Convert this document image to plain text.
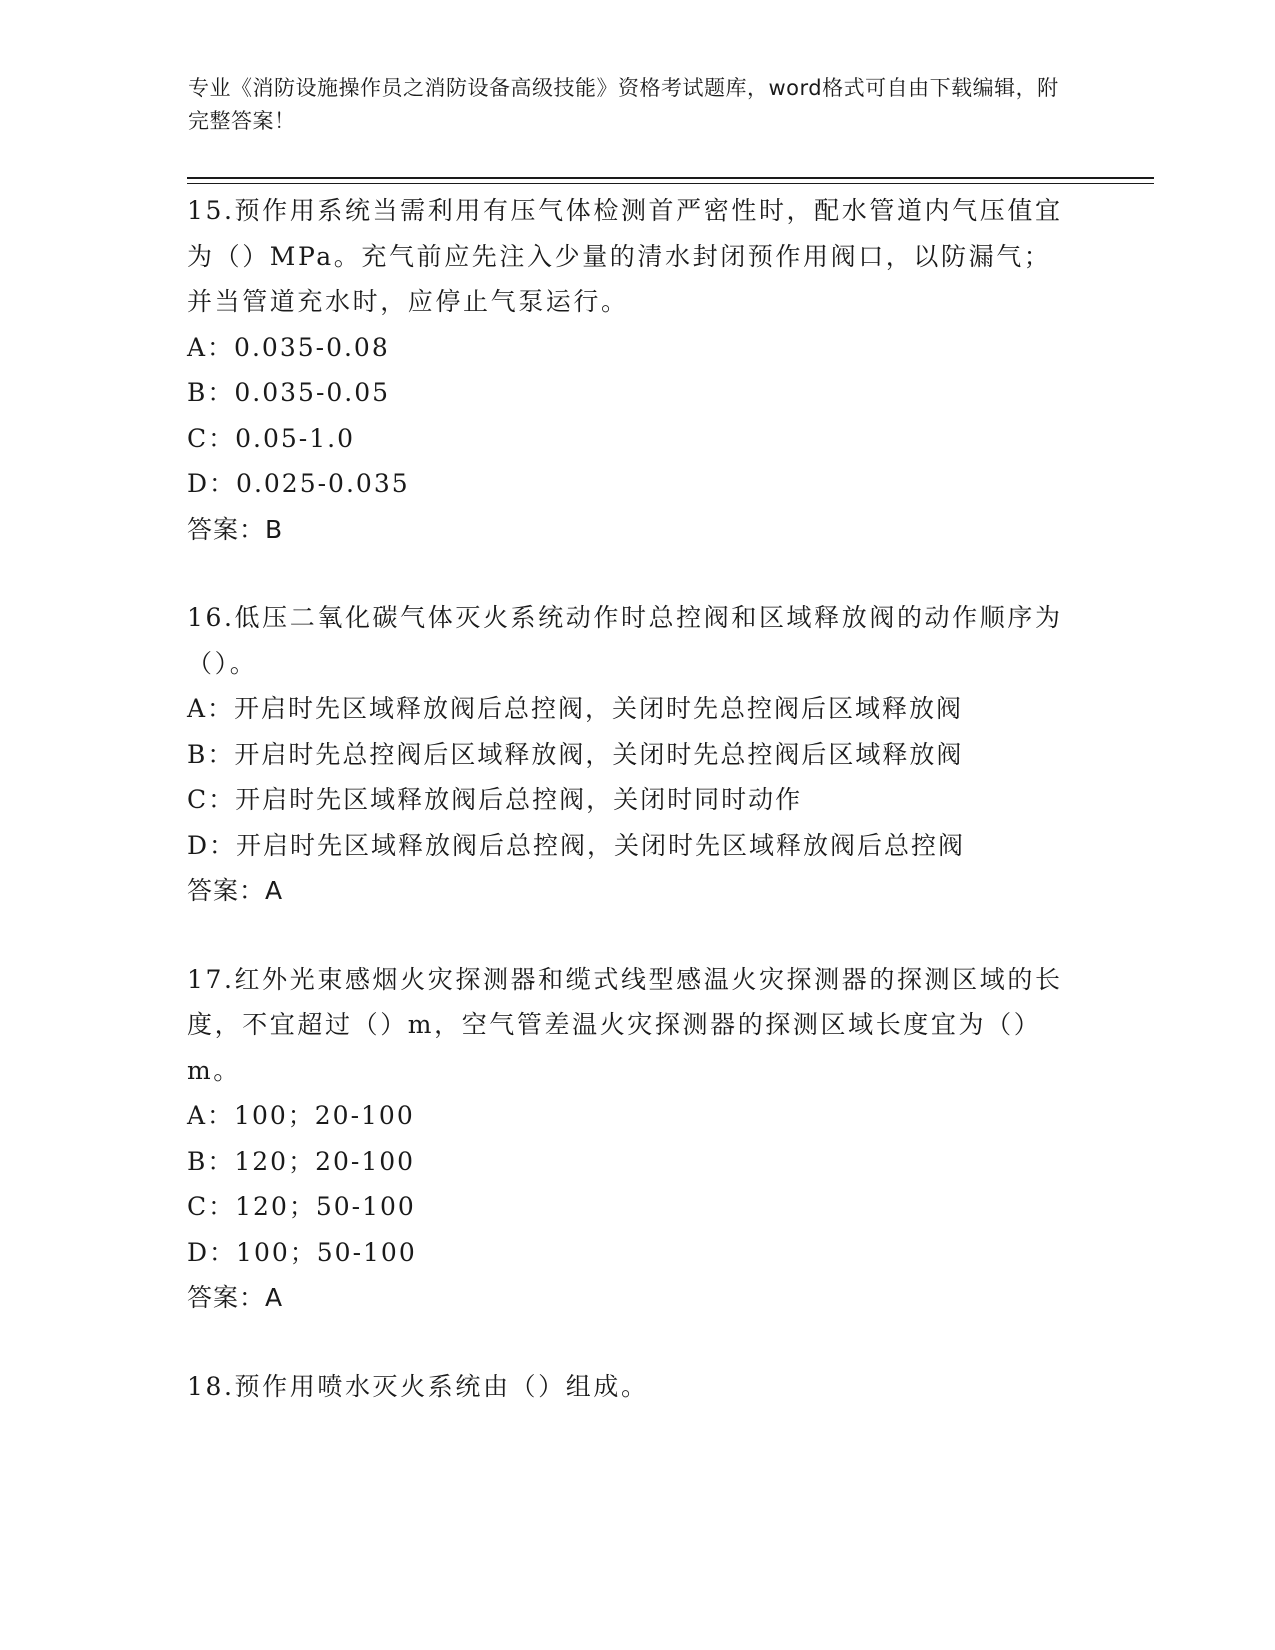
专业《消防设施操作员之消防设备高级技能》资格考试题库，word格式可自由下载编辑，附完整答案！

15.预作用系统当需利用有压气体检测首严密性时，配水管道内气压值宜为（）MPa。充气前应先注入少量的清水封闭预作用阀口，以防漏气；并当管道充水时，应停止气泵运行。

A：0.035-0.08
B：0.035-0.05
C：0.05-1.0
D：0.025-0.035
答案：B

16.低压二氧化碳气体灭火系统动作时总控阀和区域释放阀的动作顺序为（）。

A：开启时先区域释放阀后总控阀，关闭时先总控阀后区域释放阀
B：开启时先总控阀后区域释放阀，关闭时先总控阀后区域释放阀
C：开启时先区域释放阀后总控阀，关闭时同时动作
D：开启时先区域释放阀后总控阀，关闭时先区域释放阀后总控阀
答案：A

17.红外光束感烟火灾探测器和缆式线型感温火灾探测器的探测区域的长度，不宜超过（）m，空气管差温火灾探测器的探测区域长度宜为（）m。

A：100；20-100
B：120；20-100
C：120；50-100
D：100；50-100
答案：A

18.预作用喷水灭火系统由（）组成。
